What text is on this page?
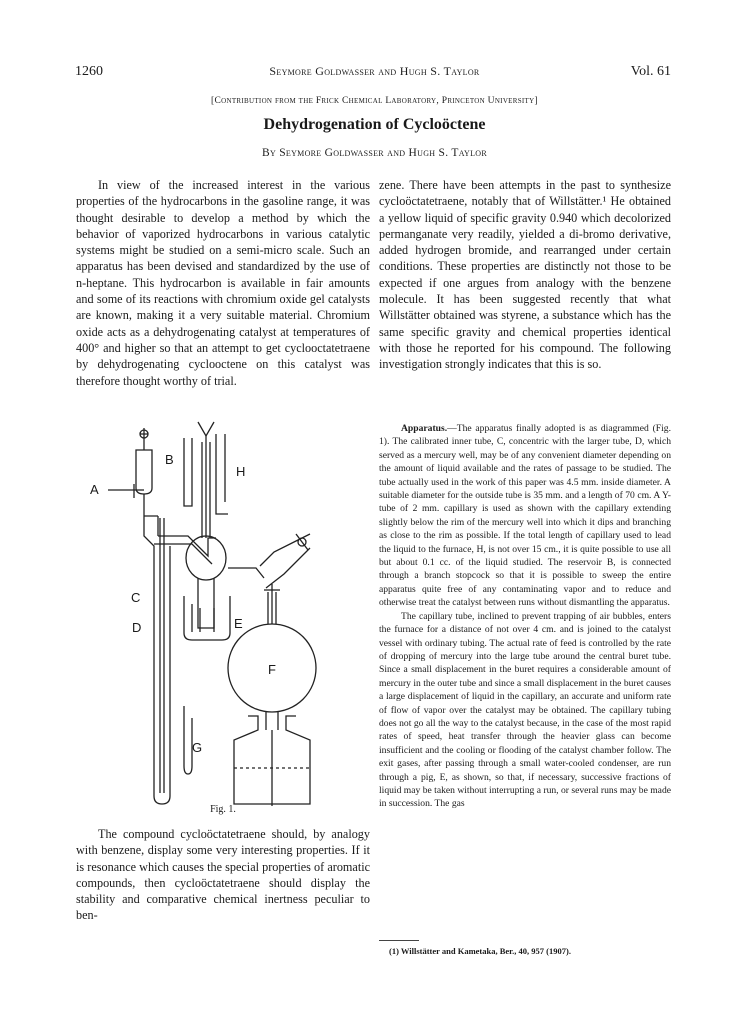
1260	Seymore Goldwasser and Hugh S. Taylor	Vol. 61
[Contribution from the Frick Chemical Laboratory, Princeton University]
Dehydrogenation of Cycloöctene
By Seymore Goldwasser and Hugh S. Taylor

In view of the increased interest in the various properties of the hydrocarbons in the gasoline range, it was thought desirable to develop a method by which the behavior of vaporized hydrocarbons in various catalytic systems might be studied on a semi-micro scale. Such an apparatus has been devised and standardized by the use of n-heptane. This hydrocarbon is available in fair amounts and some of its reactions with chromium oxide gel catalysts are known, making it a very suitable material. Chromium oxide acts as a dehydrogenating catalyst at temperatures of 400° and higher so that an attempt to get cyclooctatetraene by dehydrogenating cyclooctene on this catalyst was therefore thought worthy of trial.

zene. There have been attempts in the past to synthesize cycloöctatetraene, notably that of Willstätter.¹ He obtained a yellow liquid of specific gravity 0.940 which decolorized permanganate very readily, yielded a di-bromo derivative, added hydrogen bromide, and rearranged under certain conditions. These properties are distinctly not those to be expected if one argues from analogy with the benzene molecule. It has been suggested recently that what Willstätter obtained was styrene, a substance which has the same specific gravity and chemical properties identical with those he reported for his compound. The following investigation strongly indicates that this is so.

Apparatus.—The apparatus finally adopted is as diagrammed (Fig. 1). The calibrated inner tube, C, concentric with the larger tube, D, which served as a mercury well, may be of any convenient diameter depending on the amount of liquid available and the rates of passage to be studied. The tube actually used in the work of this paper was 4.5 mm. inside diameter. A suitable diameter for the outside tube is 35 mm. and a length of 70 cm. A Y-tube of 2 mm. capillary is used as shown with the capillary extending slightly below the rim of the mercury well into which it dips and branching as close to the rim as possible. If the total length of capillary used to lead the liquid to the furnace, H, is not over 15 cm., it is quite possible to use all but about 0.1 cc. of the liquid studied. The reservoir B, is connected through a branch stopcock so that it is possible to sweep the entire apparatus quite free of any contaminating vapor and to reduce and otherwise treat the catalyst between runs without dismantling the apparatus.

The capillary tube, inclined to prevent trapping of air bubbles, enters the furnace for a distance of not over 4 cm. and is joined to the catalyst vessel with ordinary tubing. The actual rate of feed is controlled by the rate of dropping of mercury into the large tube around the central buret tube. Since a small displacement in the buret requires a considerable amount of mercury in the outer tube and since a small displacement in the buret causes a large displacement of liquid in the capillary, an accurate and uniform rate of flow of vapor over the catalyst may be obtained. The capillary tubing does not go all the way to the catalyst because, in the case of the most rapid rates of speed, heat transfer through the heavier glass can become insufficient and the cooling or flooding of the catalyst chamber follow. The exit gases, after passing through a small water-cooled condenser, are run through a pig, E, as shown, so that, if necessary, successive fractions of liquid may be taken without interrupting a run, or several runs may be made in succession. The gas

B
A
H
C
D	E
F
G
Fig. 1.

The compound cycloöctatetraene should, by analogy with benzene, display some very interesting properties. If it is resonance which causes the special properties of aromatic compounds, then cycloöctatetraene should display the stability and comparative chemical inertness peculiar to ben-

(1) Willstätter and Kametaka, Ber., 40, 957 (1907).
